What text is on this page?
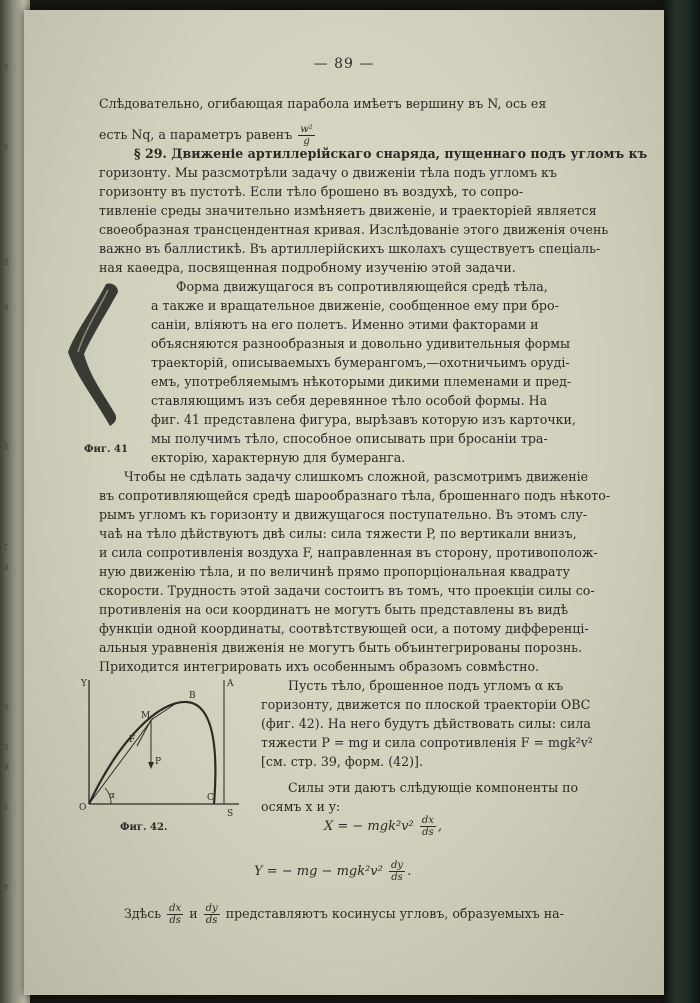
e
s
n
a
h
r
a
o
з
и
х
е
— 89 —
Слѣдовательно, огибающая парабола имѣетъ вершину въ N, ось ея
есть Nq, а параметръ равенъ $\frac{\text{w²}}{g}$
§ 29. Движеніе артиллерійскаго снаряда, пущеннаго подъ угломъ къ
горизонту. Мы разсмотрѣли задачу о движеніи тѣла подъ угломъ къ
горизонту въ пустотѣ. Если тѣло брошено въ воздухѣ, то сопро-
тивленіе среды значительно измѣняетъ движеніе, и траекторіей является
своеобразная трансцендентная кривая. Изслѣдованіе этого движенія очень
важно въ баллистикѣ. Въ артиллерійскихъ школахъ существуетъ спеціаль-
ная каѳедра, посвященная подробному изученію этой задачи.
Форма движущагося въ сопротивляющейся средѣ тѣла,
а также и вращательное движеніе, сообщенное ему при бро-
саніи, вліяютъ на его полетъ. Именно этими факторами и
объясняются разнообразныя и довольно удивительныя формы
траекторій, описываемыхъ бумерангомъ,—охотничьимъ оруді-
емъ, употребляемымъ нѣкоторыми дикими племенами и пред-
ставляющимъ изъ себя деревянное тѣло особой формы. На
фиг. 41 представлена фигура, вырѣзавъ которую изъ карточки,
мы получимъ тѣло, способное описывать при бросаніи тра-
екторію, характерную для бумеранга.
Фиг. 41
Чтобы не сдѣлать задачу слишкомъ сложной, разсмотримъ движеніе
въ сопротивляющейся средѣ шарообразнаго тѣла, брошеннаго подъ нѣкото-
рымъ угломъ къ горизонту и движущагося поступательно. Въ этомъ слу-
чаѣ на тѣло дѣйствуютъ двѣ силы: сила тяжести P, по вертикали внизъ,
и сила сопротивленія воздуха F, направленная въ сторону, противополож-
ную движенію тѣла, и по величинѣ прямо пропорціональная квадрату
скорости. Трудность этой задачи состоитъ въ томъ, что проекціи силы со-
противленія на оси координатъ не могутъ быть представлены въ видѣ
функціи одной координаты, соотвѣтствующей оси, а потому дифференці-
альныя уравненія движенія не могутъ быть объинтегрированы порознь.
Приходится интегрировать ихъ особеннымъ образомъ совмѣстно.
Пусть тѣло, брошенное подъ угломъ α къ
горизонту, движется по плоской траекторіи OBC
(фиг. 42). На него будутъ дѣйствовать силы: сила
тяжести P = mg и сила сопротивленія F = mgk²v²
[см. стр. 39, форм. (42)].
Силы эти даютъ слѣдующіе компоненты по
осямъ x и y:
Y	A
B
M
F
P
O
C
S
α
Фиг. 42.	X = − $mgk^2v^2 \frac{dx}{ds}$ ,
Y = − mg − $mgk^2v^2 \frac{dy}{ds}$ .
Здѣсь $\frac{dx}{ds}$ и $\frac{dy}{ds}$ представляютъ косинусы угловъ, образуемыхъ на-
